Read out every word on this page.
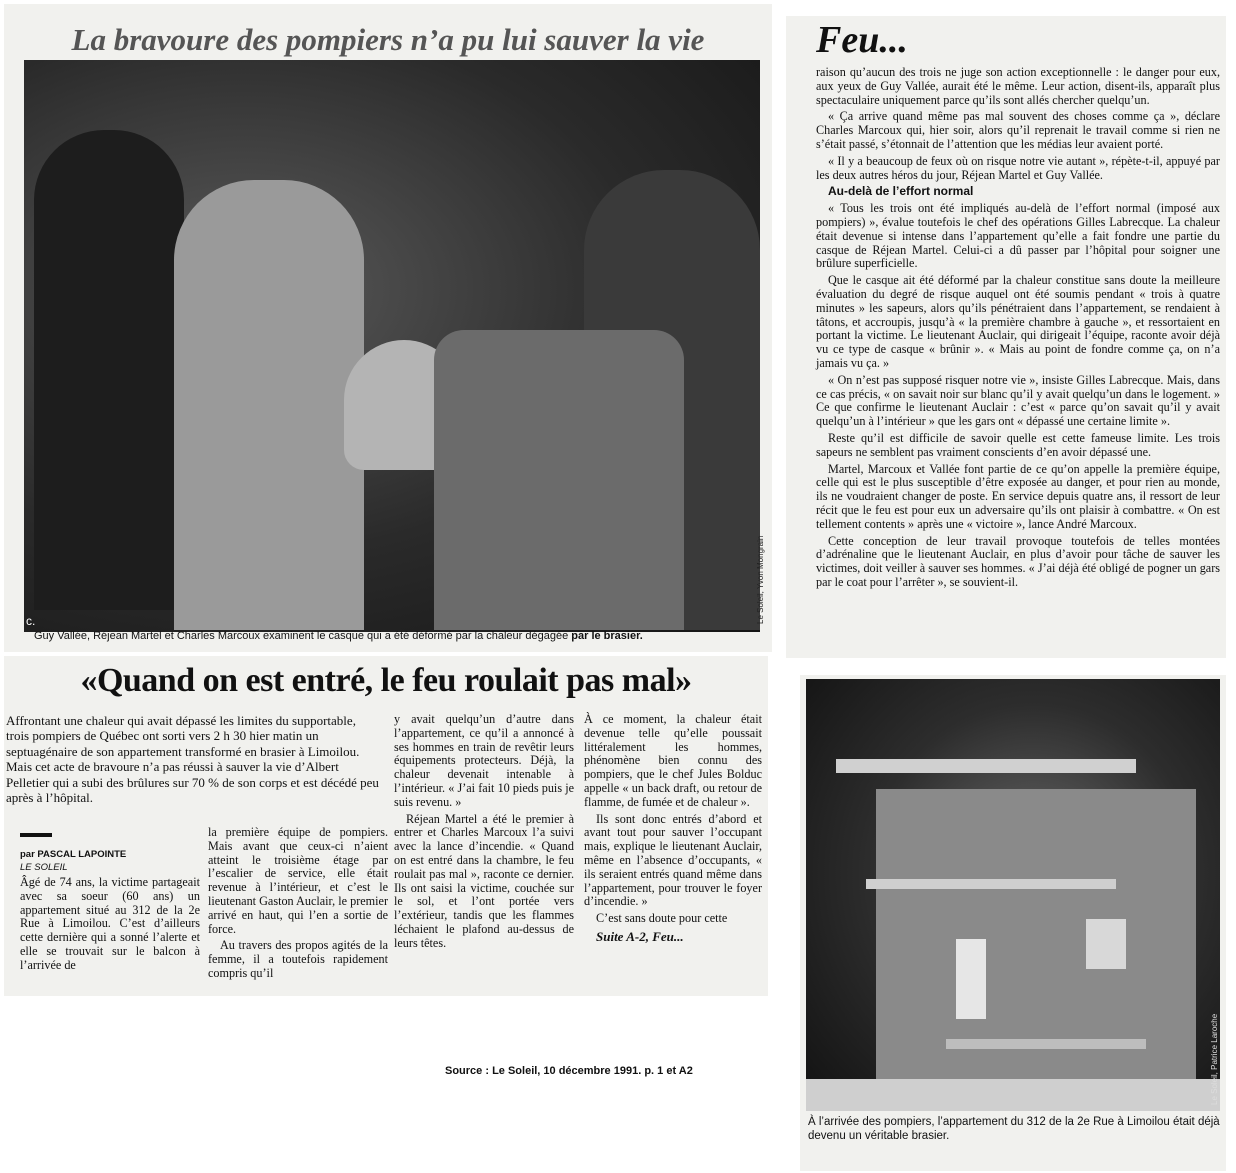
La bravoure des pompiers n’a pu lui sauver la vie
c.	Le Soleil, Yvon Mongrain
Guy Vallée, Réjean Martel et Charles Marcoux examinent le casque qui a été déformé par la chaleur dégagée par le brasier.
Feu...

raison qu’aucun des trois ne juge son action exceptionnelle : le danger pour eux, aux yeux de Guy Vallée, aurait été le même. Leur action, disent-ils, apparaît plus spectaculaire uniquement parce qu’ils sont allés chercher quelqu’un.

« Ça arrive quand même pas mal souvent des choses comme ça », déclare Charles Marcoux qui, hier soir, alors qu’il reprenait le travail comme si rien ne s’était passé, s’étonnait de l’attention que les médias leur avaient porté.

« Il y a beaucoup de feux où on risque notre vie autant », répète-t-il, appuyé par les deux autres héros du jour, Réjean Martel et Guy Vallée.

Au-delà de l’effort normal

« Tous les trois ont été impliqués au-delà de l’effort normal (imposé aux pompiers) », évalue toutefois le chef des opérations Gilles Labrecque. La chaleur était devenue si intense dans l’appartement qu’elle a fait fondre une partie du casque de Réjean Martel. Celui-ci a dû passer par l’hôpital pour soigner une brûlure superficielle.

Que le casque ait été déformé par la chaleur constitue sans doute la meilleure évaluation du degré de risque auquel ont été soumis pendant « trois à quatre minutes » les sapeurs, alors qu’ils pénétraient dans l’appartement, se rendaient à tâtons, et accroupis, jusqu’à « la première chambre à gauche », et ressortaient en portant la victime. Le lieutenant Auclair, qui dirigeait l’équipe, raconte avoir déjà vu ce type de casque « brûnir ». « Mais au point de fondre comme ça, on n’a jamais vu ça. »

« On n’est pas supposé risquer notre vie », insiste Gilles Labrecque. Mais, dans ce cas précis, « on savait noir sur blanc qu’il y avait quelqu’un dans le logement. » Ce que confirme le lieutenant Auclair : c’est « parce qu’on savait qu’il y avait quelqu’un à l’intérieur » que les gars ont « dépassé une certaine limite ».

Reste qu’il est difficile de savoir quelle est cette fameuse limite. Les trois sapeurs ne semblent pas vraiment conscients d’en avoir dépassé une.

Martel, Marcoux et Vallée font partie de ce qu’on appelle la première équipe, celle qui est le plus susceptible d’être exposée au danger, et pour rien au monde, ils ne voudraient changer de poste. En service depuis quatre ans, il ressort de leur récit que le feu est pour eux un adversaire qu’ils ont plaisir à combattre. « On est tellement contents » après une « victoire », lance André Marcoux.

Cette conception de leur travail provoque toutefois de telles montées d’adrénaline que le lieutenant Auclair, en plus d’avoir pour tâche de sauver les victimes, doit veiller à sauver ses hommes. « J’ai déjà été obligé de pogner un gars par le coat pour l’arrêter », se souvient-il.

«Quand on est entré, le feu roulait pas mal»
Affrontant une chaleur qui avait dépassé les limites du supportable, trois pompiers de Québec ont sorti vers 2 h 30 hier matin un septuagénaire de son appartement transformé en brasier à Limoilou. Mais cet acte de bravoure n’a pas réussi à sauver la vie d’Albert Pelletier qui a subi des brûlures sur 70 % de son corps et est décédé peu après à l’hôpital.
par PASCAL LAPOINTE
LE SOLEIL

Âgé de 74 ans, la victime partageait avec sa soeur (60 ans) un appartement situé au 312 de la 2e Rue à Limoilou. C’est d’ailleurs cette dernière qui a sonné l’alerte et elle se trouvait sur le balcon à l’arrivée de

la première équipe de pompiers. Mais avant que ceux-ci n’aient atteint le troisième étage par l’escalier de service, elle était revenue à l’intérieur, et c’est le lieutenant Gaston Auclair, le premier arrivé en haut, qui l’en a sortie de force.

Au travers des propos agités de la femme, il a toutefois rapidement compris qu’il

y avait quelqu’un d’autre dans l’appartement, ce qu’il a annoncé à ses hommes en train de revêtir leurs équipements protecteurs. Déjà, la chaleur devenait intenable à l’intérieur. « J’ai fait 10 pieds puis je suis revenu. »

Réjean Martel a été le premier à entrer et Charles Marcoux l’a suivi avec la lance d’incendie. « Quand on est entré dans la chambre, le feu roulait pas mal », raconte ce dernier. Ils ont saisi la victime, couchée sur le sol, et l’ont portée vers l’extérieur, tandis que les flammes léchaient le plafond au-dessus de leurs têtes.

À ce moment, la chaleur était devenue telle qu’elle poussait littéralement les hommes, phénomène bien connu des pompiers, que le chef Jules Bolduc appelle « un back draft, ou retour de flamme, de fumée et de chaleur ».

Ils sont donc entrés d’abord et avant tout pour sauver l’occupant mais, explique le lieutenant Auclair, même en l’absence d’occupants, « ils seraient entrés quand même dans l’appartement, pour trouver le foyer d’incendie. »

C’est sans doute pour cette

Suite A-2, Feu...

Source : Le Soleil, 10 décembre 1991. p. 1 et A2	Le Soleil, Patrice Laroche
À l’arrivée des pompiers, l’appartement du 312 de la 2e Rue à Limoilou était déjà devenu un véritable brasier.
